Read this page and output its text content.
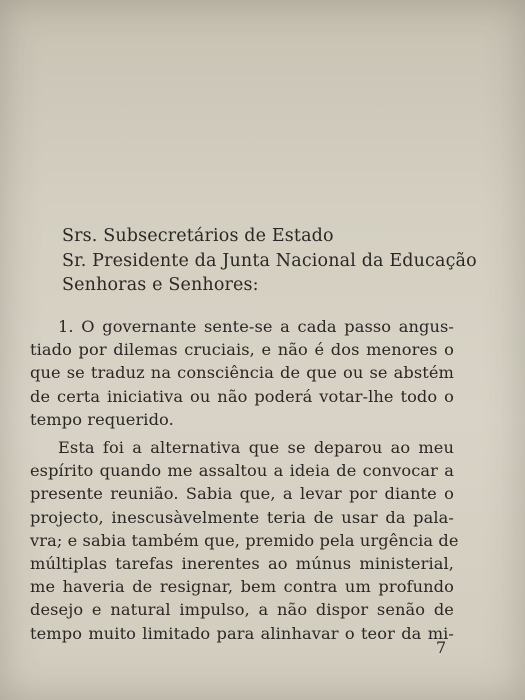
Srs. Subsecretários de Estado
Sr. Presidente da Junta Nacional da Educação
Senhoras e Senhores:
1. O governante sente-se a cada passo angus-
tiado por dilemas cruciais, e não é dos menores o
que se traduz na consciência de que ou se abstém
de certa iniciativa ou não poderá votar-lhe todo o
tempo requerido.
Esta foi a alternativa que se deparou ao meu
espírito quando me assaltou a ideia de convocar a
presente reunião. Sabia que, a levar por diante o
projecto, inescusàvelmente teria de usar da pala-
vra; e sabia também que, premido pela urgência de
múltiplas tarefas inerentes ao múnus ministerial,
me haveria de resignar, bem contra um profundo
desejo e natural impulso, a não dispor senão de
tempo muito limitado para alinhavar o teor da mi-
7
